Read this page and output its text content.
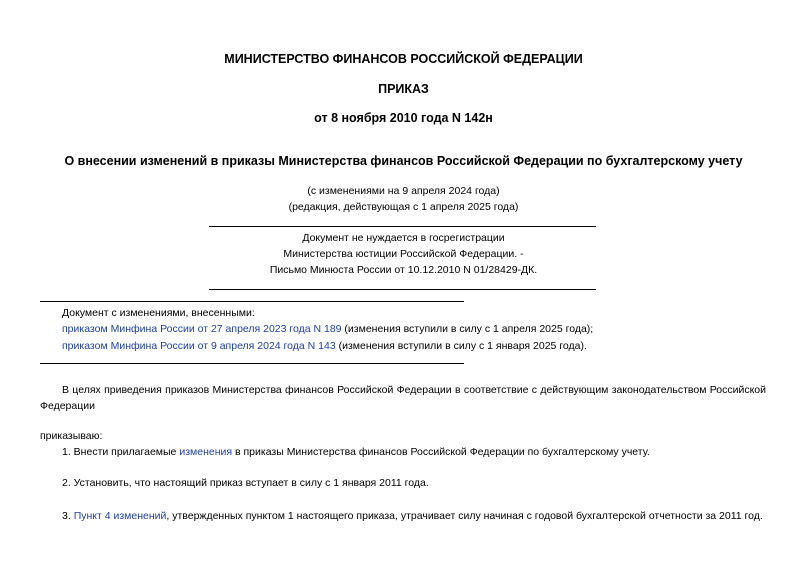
МИНИСТЕРСТВО ФИНАНСОВ РОССИЙСКОЙ ФЕДЕРАЦИИ
ПРИКАЗ
от 8 ноября 2010 года N 142н
О внесении изменений в приказы Министерства финансов Российской Федерации по бухгалтерскому учету
(с изменениями на 9 апреля 2024 года)
(редакция, действующая с 1 апреля 2025 года)
Документ не нуждается в госрегистрации
Министерства юстиции Российской Федерации. -
Письмо Минюста России от 10.12.2010 N 01/28429-ДК.
Документ с изменениями, внесенными:
приказом Минфина России от 27 апреля 2023 года N 189 (изменения вступили в силу с 1 апреля 2025 года);
приказом Минфина России от 9 апреля 2024 года N 143 (изменения вступили в силу с 1 января 2025 года).
В целях приведения приказов Министерства финансов Российской Федерации в соответствие с действующим законодательством Российской Федерации
приказываю:
1. Внести прилагаемые изменения в приказы Министерства финансов Российской Федерации по бухгалтерскому учету.
2. Установить, что настоящий приказ вступает в силу с 1 января 2011 года.
3. Пункт 4 изменений, утвержденных пунктом 1 настоящего приказа, утрачивает силу начиная с годовой бухгалтерской отчетности за 2011 год.
